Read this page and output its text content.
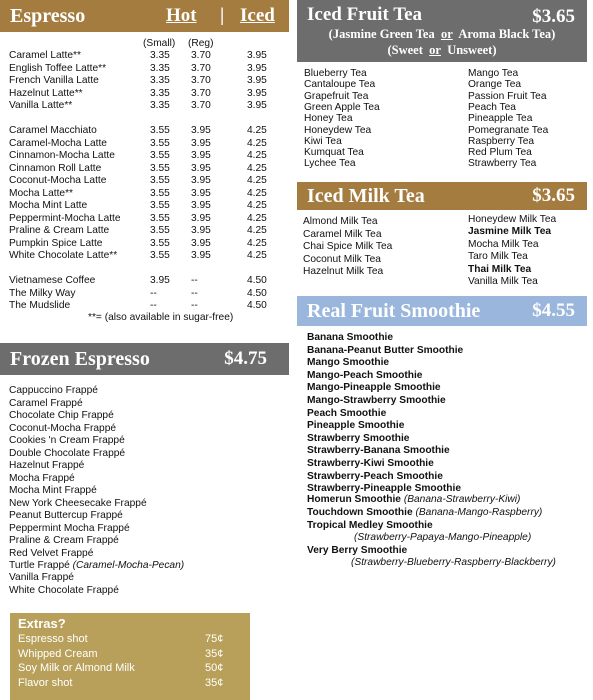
Espresso	Hot | Iced
(Small) (Reg)
Caramel Latte**	3.35 3.70	3.95
English Toffee Latte**	3.35 3.70	3.95
French Vanilla Latte	3.35 3.70	3.95
Hazelnut Latte**	3.35 3.70	3.95
Vanilla Latte**	3.35 3.70	3.95
Caramel Macchiato	3.55 3.95	4.25
Caramel-Mocha Latte	3.55 3.95	4.25
Cinnamon-Mocha Latte	3.55 3.95	4.25
Cinnamon Roll Latte	3.55 3.95	4.25
Coconut-Mocha Latte	3.55 3.95	4.25
Mocha Latte**	3.55 3.95	4.25
Mocha Mint Latte	3.55 3.95	4.25
Peppermint-Mocha Latte	3.55 3.95	4.25
Praline & Cream Latte	3.55 3.95	4.25
Pumpkin Spice Latte	3.55 3.95	4.25
White Chocolate Latte**	3.55 3.95	4.25
Vietnamese Coffee	3.95 --	4.50
The Milky Way	--	--	4.50
The Mudslide	--	--	4.50
**= (also available in sugar-free)
Iced Fruit Tea	$3.65
(Jasmine Green Tea or Aroma Black Tea)
(Sweet or Unsweet)
Blueberry Tea
Cantaloupe Tea
Grapefruit Tea
Green Apple Tea
Honey Tea
Honeydew Tea
Kiwi Tea
Kumquat Tea
Lychee Tea
Mango Tea
Orange Tea
Passion Fruit Tea
Peach Tea
Pineapple Tea
Pomegranate Tea
Raspberry Tea
Red Plum Tea
Strawberry Tea
Iced Milk Tea	$3.65
Almond Milk Tea
Caramel Milk Tea
Chai Spice Milk Tea
Coconut Milk Tea
Hazelnut Milk Tea
Honeydew Milk Tea
Jasmine Milk Tea
Mocha Milk Tea
Taro Milk Tea
Thai Milk Tea
Vanilla Milk Tea
Real Fruit Smoothie	$4.55
Banana Smoothie
Banana-Peanut Butter Smoothie
Mango Smoothie
Mango-Peach Smoothie
Mango-Pineapple Smoothie
Mango-Strawberry Smoothie
Peach Smoothie
Pineapple Smoothie
Strawberry Smoothie
Strawberry-Banana Smoothie
Strawberry-Kiwi Smoothie
Strawberry-Peach Smoothie
Strawberry-Pineapple Smoothie
Homerun Smoothie (Banana-Strawberry-Kiwi)
Touchdown Smoothie (Banana-Mango-Raspberry)
Tropical Medley Smoothie
(Strawberry-Papaya-Mango-Pineapple)
Very Berry Smoothie
(Strawberry-Blueberry-Raspberry-Blackberry)
Frozen Espresso	$4.75
Cappuccino Frappé
Caramel Frappé
Chocolate Chip Frappé
Coconut-Mocha Frappé
Cookies 'n Cream Frappé
Double Chocolate Frappé
Hazelnut Frappé
Mocha Frappé
Mocha Mint Frappé
New York Cheesecake Frappé
Peanut Buttercup Frappé
Peppermint Mocha Frappé
Praline & Cream Frappé
Red Velvet Frappé
Turtle Frappé (Caramel-Mocha-Pecan)
Vanilla Frappé
White Chocolate Frappé
Extras?
Espresso shot	75¢
Whipped Cream	35¢
Soy Milk or Almond Milk	50¢
Flavor shot	35¢
